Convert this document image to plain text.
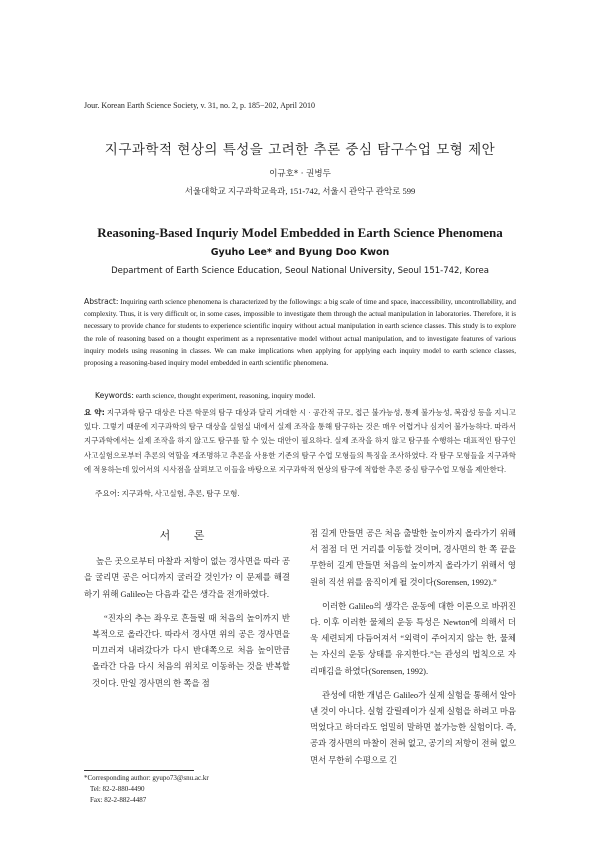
Jour. Korean Earth Science Society, v. 31, no. 2, p. 185−202, April 2010
지구과학적 현상의 특성을 고려한 추론 중심 탐구수업 모형 제안
이규호* · 권병두
서울대학교 지구과학교육과, 151-742, 서울시 관악구 관악로 599
Reasoning-Based Inquriy Model Embedded in Earth Science Phenomena
Gyuho Lee* and Byung Doo Kwon
Department of Earth Science Education, Seoul National University, Seoul 151-742, Korea
Abstract: Inquiring earth science phenomena is characterized by the followings: a big scale of time and space, inaccessibility, uncontrollability, and complexity. Thus, it is very difficult or, in some cases, impossible to investigate them through the actual manipulation in laboratories. Therefore, it is necessary to provide chance for students to experience scientific inquiry without actual manipulation in earth science classes. This study is to explore the role of reasoning based on a thought experiment as a representative model without actual manipulation, and to investigate features of various inquiry models using reasoning in classes. We can make implications when applying for applying each inquiry model to earth science classes, proposing a reasoning-based inquiry model embedded in earth scientific phenomena.
Keywords: earth science, thought experiment, reasoning, inquiry model.
요 약: 지구과학 탐구 대상은 다른 학문의 탐구 대상과 달리 거대한 시 · 공간적 규모, 접근 불가능성, 통제 불가능성, 복잡성 등을 지니고 있다. 그렇기 때문에 지구과학의 탐구 대상을 실험실 내에서 실제 조작을 통해 탐구하는 것은 매우 어렵거나 심지어 불가능하다. 따라서 지구과학에서는 실제 조작을 하지 않고도 탐구를 할 수 있는 대안이 필요하다. 실제 조작을 하지 않고 탐구를 수행하는 대표적인 탐구인 사고실험으로부터 추론의 역할을 재조명하고 추론을 사용한 기존의 탐구 수업 모형들의 특징을 조사하였다. 각 탐구 모형들을 지구과학에 적용하는데 있어서의 시사점을 살펴보고 이들을 바탕으로 지구과학적 현상의 탐구에 적합한 추론 중심 탐구수업 모형을 제안한다.
주요어: 지구과학, 사고실험, 추론, 탐구 모형.
서 론

높은 곳으로부터 마찰과 저항이 없는 경사면을 따라 공을 굴리면 공은 어디까지 굴러갈 것인가? 이 문제를 해결하기 위해 Galileo는 다음과 같은 생각을 전개하였다.

“진자의 추는 좌우로 흔들릴 때 처음의 높이까지 반복적으로 올라간다. 따라서 경사면 위의 공은 경사면을 미끄러져 내려갔다가 다시 반대쪽으로 처음 높이만큼 올라간 다음 다시 처음의 위치로 이동하는 것을 반복할 것이다. 만일 경사면의 한 쪽을 점

점 길게 만들면 공은 처음 출발한 높이까지 올라가기 위해서 점점 더 먼 거리를 이동할 것이며, 경사면의 한 쪽 끝을 무한히 길게 만들면 처음의 높이까지 올라가기 위해서 영원히 직선 위를 움직이게 될 것이다(Sorensen, 1992).”

이러한 Galileo의 생각은 운동에 대한 이론으로 바뀌진다. 이후 이러한 물체의 운동 특성은 Newton에 의해서 더욱 세련되게 다듬어져서 “외력이 주어지지 않는 한, 물체는 자신의 운동 상태를 유지한다.”는 관성의 법칙으로 자리매김을 하였다(Sorensen, 1992).

관성에 대한 개념은 Galileo가 실제 실험을 통해서 알아낸 것이 아니다. 실험 갈릴레이가 실제 실험을 하려고 마음먹었다고 하더라도 엄밀히 말하면 불가능한 실험이다. 즉, 공과 경사면의 마찰이 전혀 없고, 공기의 저항이 전혀 없으면서 무한히 수평으로 긴

*Corresponding author: gyupo73@snu.ac.kr
Tel: 82-2-880-4490
Fax: 82-2-882-4487
